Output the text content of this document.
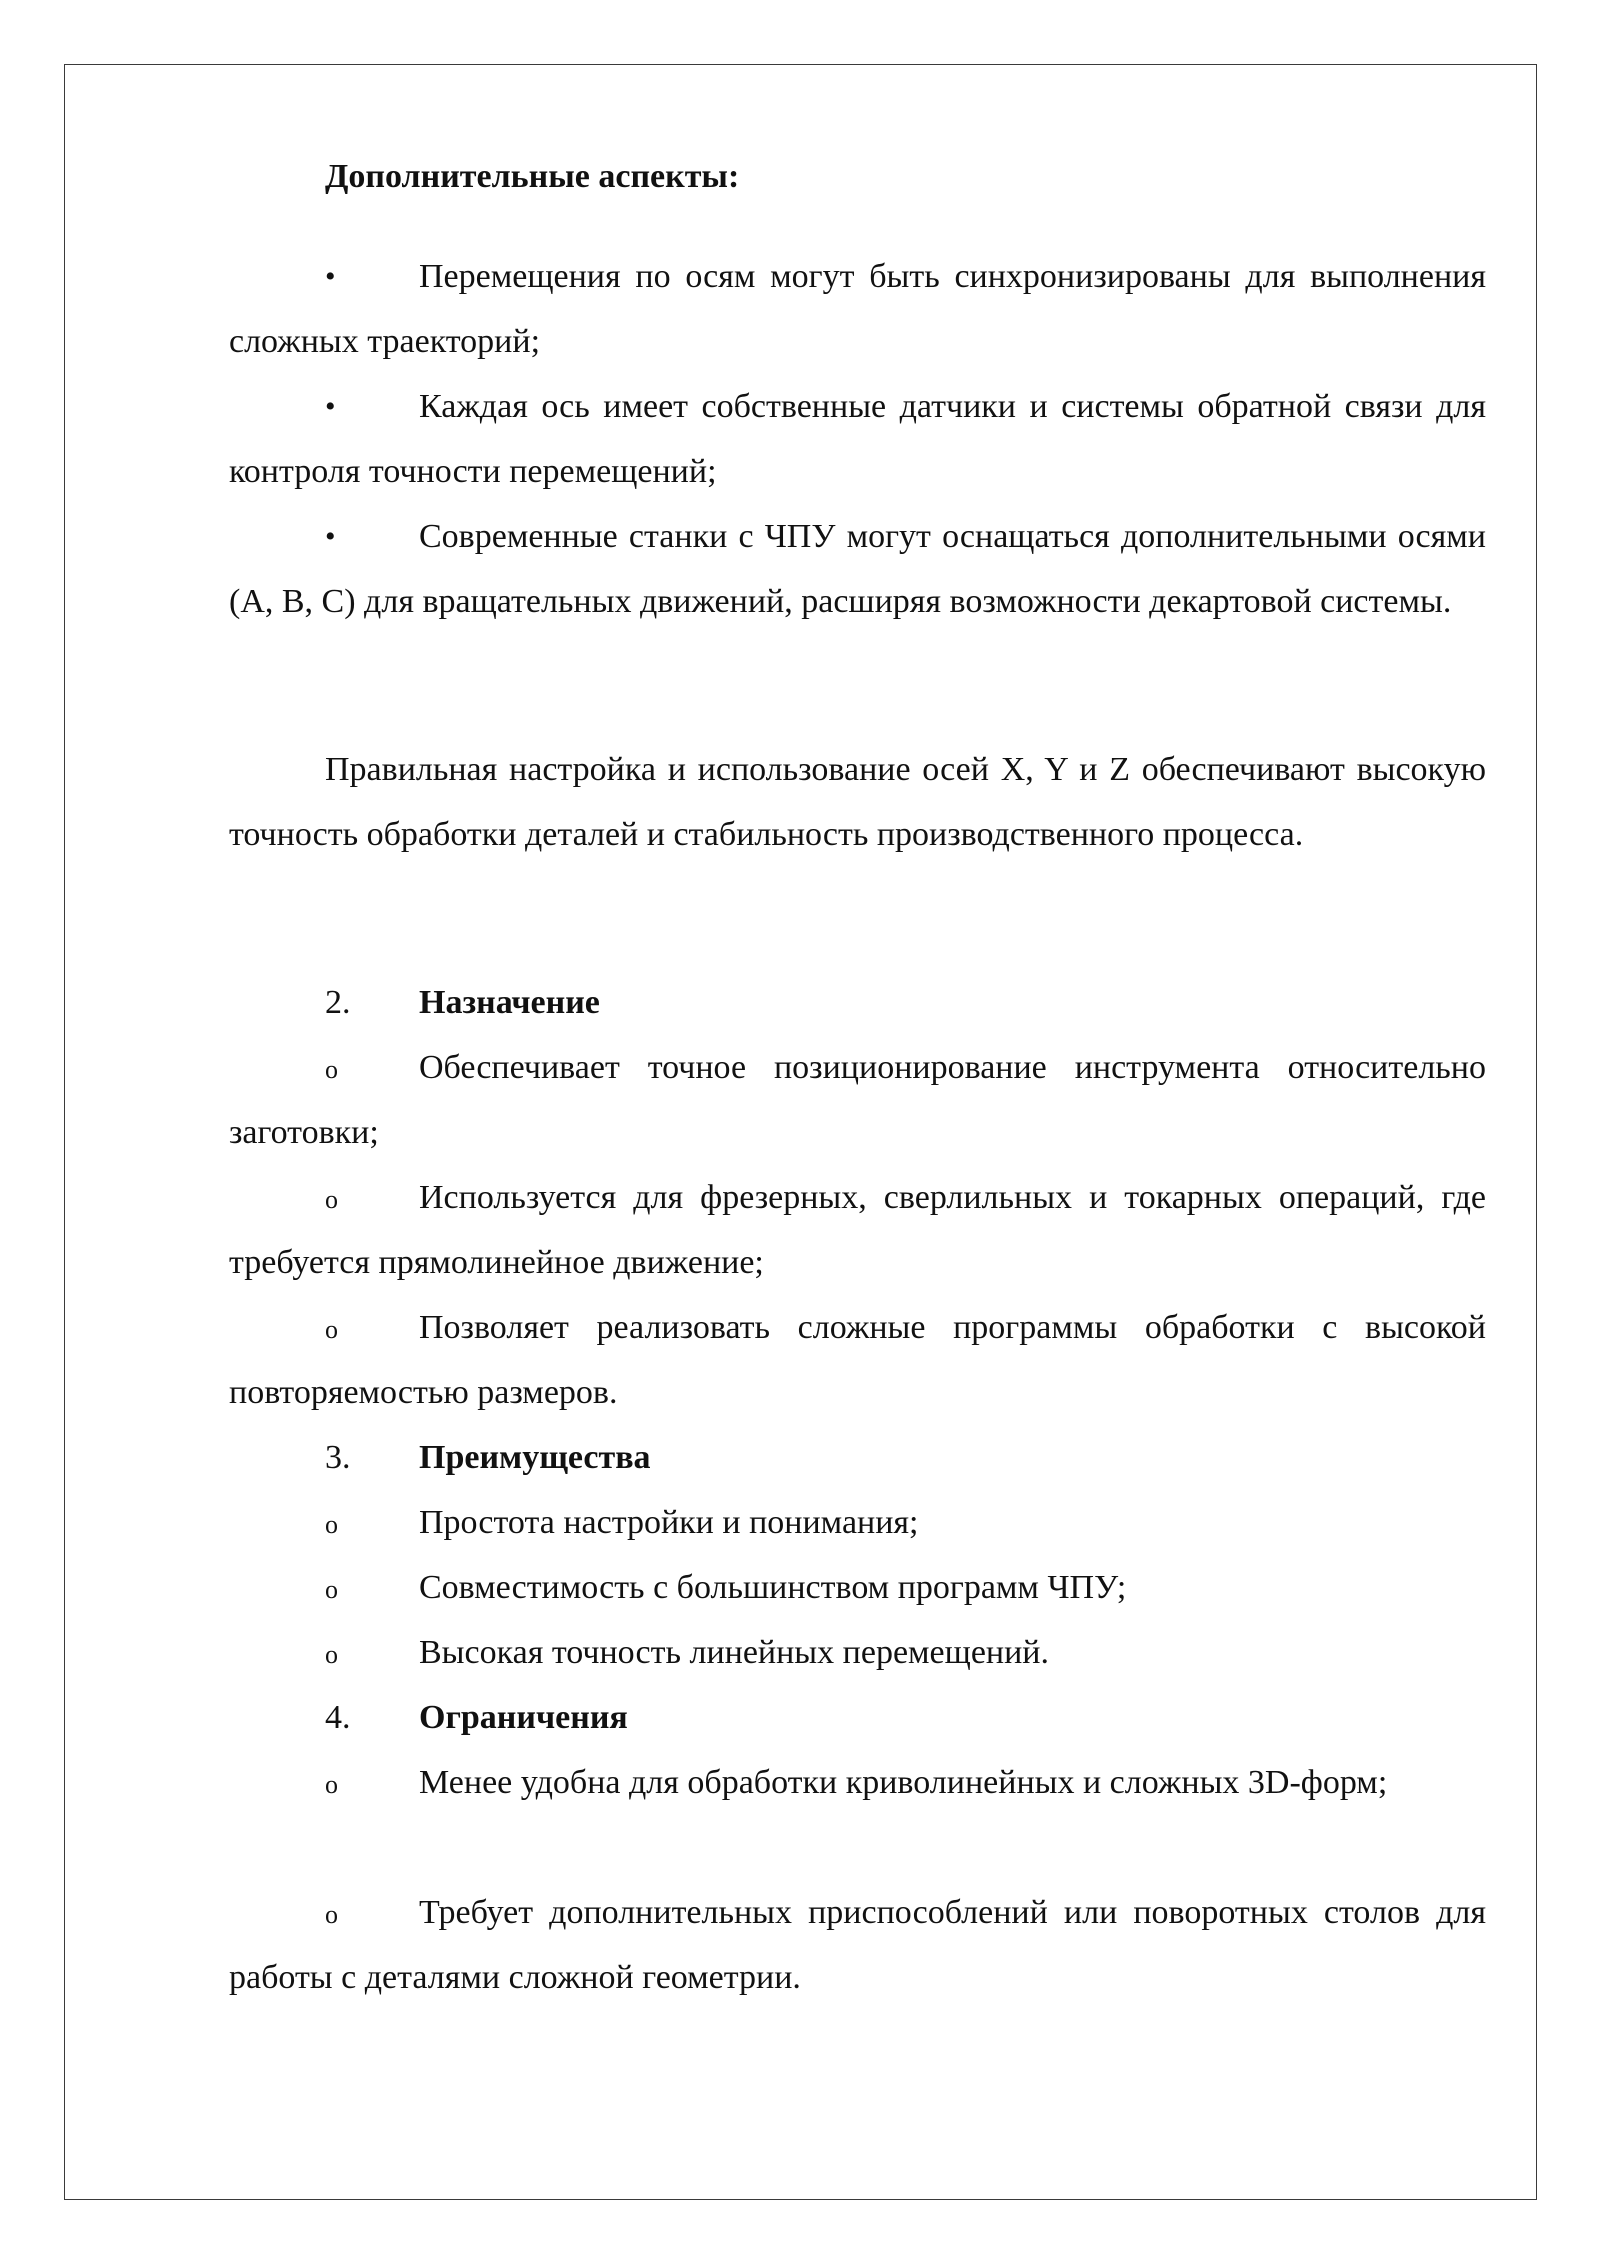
Дополнительные аспекты:

•	Перемещения по осям могут быть синхронизированы для выполнения сложных траекторий;
•	Каждая ось имеет собственные датчики и системы обратной связи для контроля точности перемещений;
•	Современные станки с ЧПУ могут оснащаться дополнительными осями (A, B, C) для вращательных движений, расширяя возможности декартовой системы.

Правильная настройка и использование осей X, Y и Z обеспечивают высокую точность обработки деталей и стабильность производственного процесса.

2. Назначение
o	Обеспечивает точное позиционирование инструмента относительно заготовки;
o	Используется для фрезерных, сверлильных и токарных операций, где требуется прямолинейное движение;
o	Позволяет реализовать сложные программы обработки с высокой повторяемостью размеров.
3. Преимущества
o	Простота настройки и понимания;
o	Совместимость с большинством программ ЧПУ;
o	Высокая точность линейных перемещений.
4. Ограничения
o	Менее удобна для обработки криволинейных и сложных 3D-форм;
o	Требует дополнительных приспособлений или поворотных столов для работы с деталями сложной геометрии.
